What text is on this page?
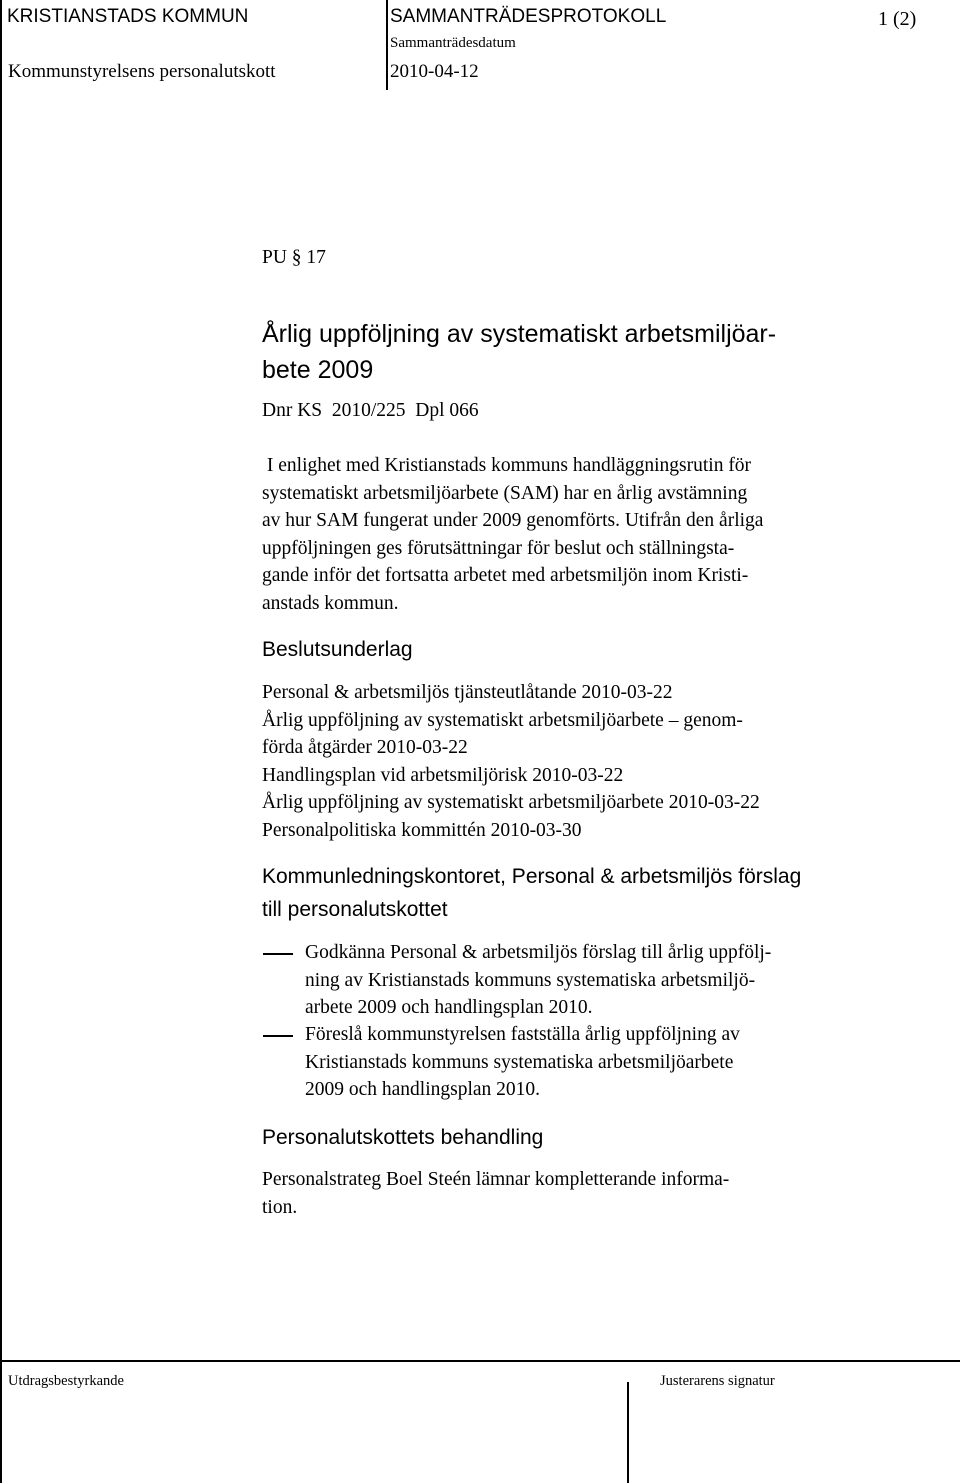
KRISTIANSTADS KOMMUN	SAMMANTRÄDESPROTOKOLL	1 (2)
Sammanträdesdatum
Kommunstyrelsens personalutskott	2010-04-12
PU § 17
Årlig uppföljning av systematiskt arbetsmiljöar-
bete 2009
Dnr KS  2010/225  Dpl 066
I enlighet med Kristianstads kommuns handläggningsrutin för
systematiskt arbetsmiljöarbete (SAM) har en årlig avstämning
av hur SAM fungerat under 2009 genomförts. Utifrån den årliga
uppföljningen ges förutsättningar för beslut och ställningsta-
gande inför det fortsatta arbetet med arbetsmiljön inom Kristi-
anstads kommun.
Beslutsunderlag
Personal & arbetsmiljös tjänsteutlåtande 2010-03-22
Årlig uppföljning av systematiskt arbetsmiljöarbete – genom-
förda åtgärder 2010-03-22
Handlingsplan vid arbetsmiljörisk 2010-03-22
Årlig uppföljning av systematiskt arbetsmiljöarbete 2010-03-22
Personalpolitiska kommittén 2010-03-30
Kommunledningskontoret, Personal & arbetsmiljös förslag
till personalutskottet
Godkänna Personal & arbetsmiljös förslag till årlig uppfölj-
ning av Kristianstads kommuns systematiska arbetsmiljö-
arbete 2009 och handlingsplan 2010.
Föreslå kommunstyrelsen fastställa årlig uppföljning av
Kristianstads kommuns systematiska arbetsmiljöarbete
2009 och handlingsplan 2010.
Personalutskottets behandling
Personalstrateg Boel Steén lämnar kompletterande informa-
tion.
Utdragsbestyrkande	Justerarens signatur
